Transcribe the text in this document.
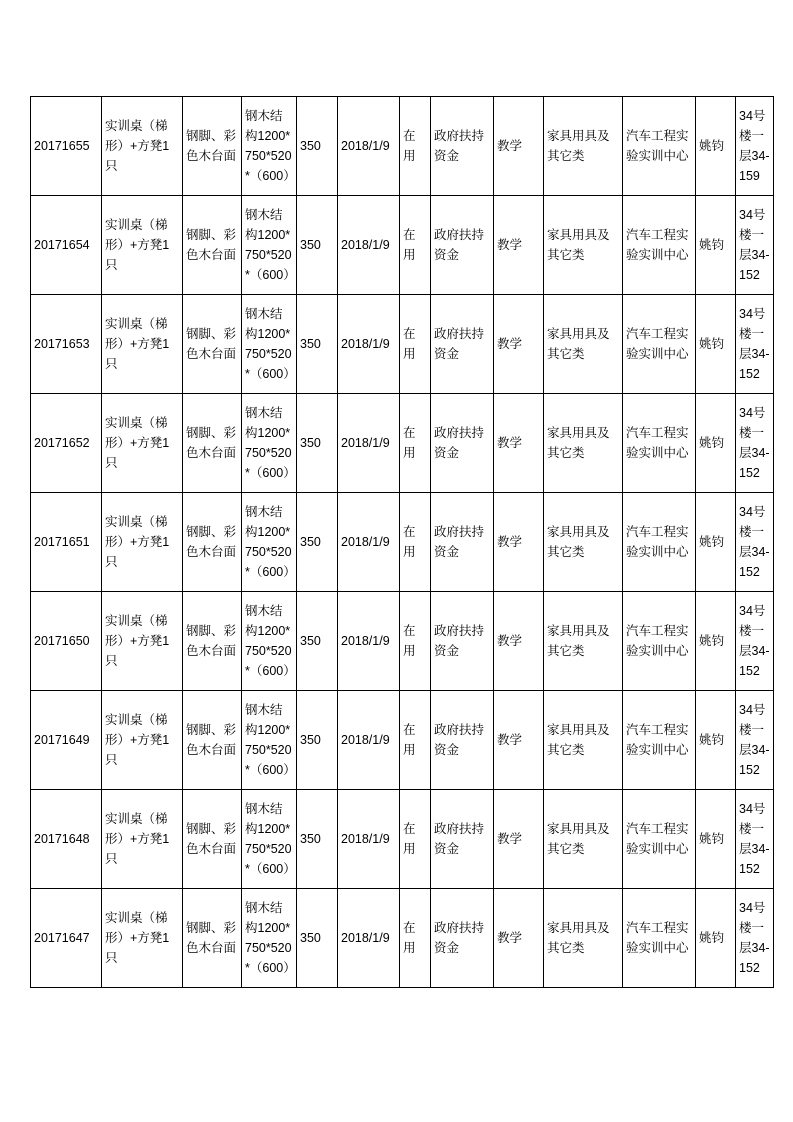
20171655	实训桌（梯形）+方凳1只	钢脚、彩色木台面	钢木结构1200*750*520*（600）	350	2018/1/9	在用	政府扶持资金	教学	家具用具及其它类	汽车工程实验实训中心	姚钧	34号楼一层34-159
20171654	实训桌（梯形）+方凳1只	钢脚、彩色木台面	钢木结构1200*750*520*（600）	350	2018/1/9	在用	政府扶持资金	教学	家具用具及其它类	汽车工程实验实训中心	姚钧	34号楼一层34-152
20171653	实训桌（梯形）+方凳1只	钢脚、彩色木台面	钢木结构1200*750*520*（600）	350	2018/1/9	在用	政府扶持资金	教学	家具用具及其它类	汽车工程实验实训中心	姚钧	34号楼一层34-152
20171652	实训桌（梯形）+方凳1只	钢脚、彩色木台面	钢木结构1200*750*520*（600）	350	2018/1/9	在用	政府扶持资金	教学	家具用具及其它类	汽车工程实验实训中心	姚钧	34号楼一层34-152
20171651	实训桌（梯形）+方凳1只	钢脚、彩色木台面	钢木结构1200*750*520*（600）	350	2018/1/9	在用	政府扶持资金	教学	家具用具及其它类	汽车工程实验实训中心	姚钧	34号楼一层34-152
20171650	实训桌（梯形）+方凳1只	钢脚、彩色木台面	钢木结构1200*750*520*（600）	350	2018/1/9	在用	政府扶持资金	教学	家具用具及其它类	汽车工程实验实训中心	姚钧	34号楼一层34-152
20171649	实训桌（梯形）+方凳1只	钢脚、彩色木台面	钢木结构1200*750*520*（600）	350	2018/1/9	在用	政府扶持资金	教学	家具用具及其它类	汽车工程实验实训中心	姚钧	34号楼一层34-152
20171648	实训桌（梯形）+方凳1只	钢脚、彩色木台面	钢木结构1200*750*520*（600）	350	2018/1/9	在用	政府扶持资金	教学	家具用具及其它类	汽车工程实验实训中心	姚钧	34号楼一层34-152
20171647	实训桌（梯形）+方凳1只	钢脚、彩色木台面	钢木结构1200*750*520*（600）	350	2018/1/9	在用	政府扶持资金	教学	家具用具及其它类	汽车工程实验实训中心	姚钧	34号楼一层34-152
